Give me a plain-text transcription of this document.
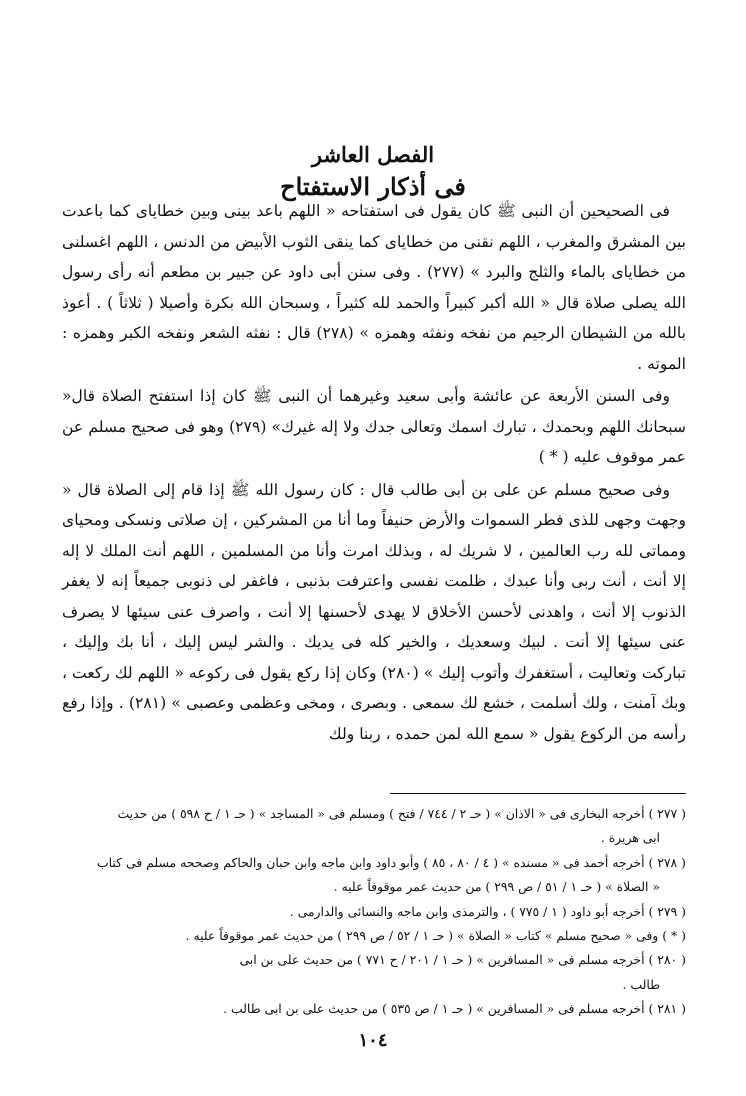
الفصل العاشر
فى أذكار الاستفتاح

فى الصحيحين أن النبى ﷺ كان يقول فى استفتاحه « اللهم باعد بينى وبين خطاياى كما باعدت بين المشرق والمغرب ، اللهم نقنى من خطاياى كما ينقى الثوب الأبيض من الدنس ، اللهم اغسلنى من خطاياى بالماء والثلج والبرد » (٢٧٧) . وفى سنن أبى داود عن جبير بن مطعم أنه رأى رسول الله يصلى صلاة قال « الله أكبر كبيراً والحمد لله كثيراً ، وسبحان الله بكرة وأصيلا ( ثلاثاً ) . أعوذ بالله من الشيطان الرجيم من نفخه ونفثه وهمزه » (٢٧٨) قال : نفثه الشعر ونفخه الكبر وهمزه : الموته .

وفى السنن الأربعة عن عائشة وأبى سعيد وغيرهما أن النبى ﷺ كان إذا استفتح الصلاة قال« سبحانك اللهم وبحمدك ، تبارك اسمك وتعالى جدك ولا إله غيرك» (٢٧٩) وهو فى صحيح مسلم عن عمر موقوف عليه ( * )

وفى صحيح مسلم عن على بن أبى طالب قال : كان رسول الله ﷺ إذا قام إلى الصلاة قال « وجهت وجهى للذى فطر السموات والأرض حنيفاً وما أنا من المشركين ، إن صلاتى ونسكى ومحياى ومماتى لله رب العالمين ، لا شريك له ، وبذلك امرت وأنا من المسلمين ، اللهم أنت الملك لا إله إلا أنت ، أنت ربى وأنا عبدك ، ظلمت نفسى واعترفت بذنبى ، فاغفر لى ذنوبى جميعاً إنه لا يغفر الذنوب إلا أنت ، واهدنى لأحسن الأخلاق لا يهدى لأحسنها إلا أنت ، واصرف عنى سيئها لا يصرف عنى سيئها إلا أنت . لبيك وسعديك ، والخير كله فى يديك . والشر ليس إليك ، أنا بك وإليك ، تباركت وتعاليت ، أستغفرك وأتوب إليك » (٢٨٠) وكان إذا ركع يقول فى ركوعه « اللهم لك ركعت ، وبك آمنت ، ولك أسلمت ، خشع لك سمعى . وبصرى ، ومخى وعظمى وعصبى » (٢٨١) . وإذا رفع رأسه من الركوع يقول « سمع الله لمن حمده ، ربنا ولك

( ٢٧٧ ) أخرجه البخارى فى « الاذان » ( حـ ٢ / ٧٤٤ / فتح ) ومسلم فى « المساجد » ( حـ ١ / ح ٥٩٨ ) من حديث

ابى هريرة .

( ٢٧٨ ) أخرجه أحمد فى « مسنده » ( ٤ / ٨٠ ، ٨٥ ) وأبو داود وابن ماجه وابن حبان والحاكم وصححه مسلم فى كتاب

« الصلاة » ( حـ ١ / ٥١ / ص ٢٩٩ ) من حديث عمر موقوفاً عليه .

( ٢٧٩ ) أخرجه أبو داود ( ١ / ٧٧٥ ) ، والترمذى وابن ماجه والنسائى والدارمى .

( * ) وفى « صحيح مسلم » كتاب « الصلاة » ( حـ ١ / ٥٢ / ص ٢٩٩ ) من حديث عمر موقوفاً عليه .

( ٢٨٠ ) أخرجه مسلم فى « المسافرين » ( حـ ١ / ٢٠١ / ح ٧٧١ ) من حديث على بن ابى

طالب .

( ٢٨١ ) أخرجه مسلم فى « المسافرين » ( حـ ١ / ص ٥٣٥ ) من حديث على بن ابى طالب .

١٠٤
